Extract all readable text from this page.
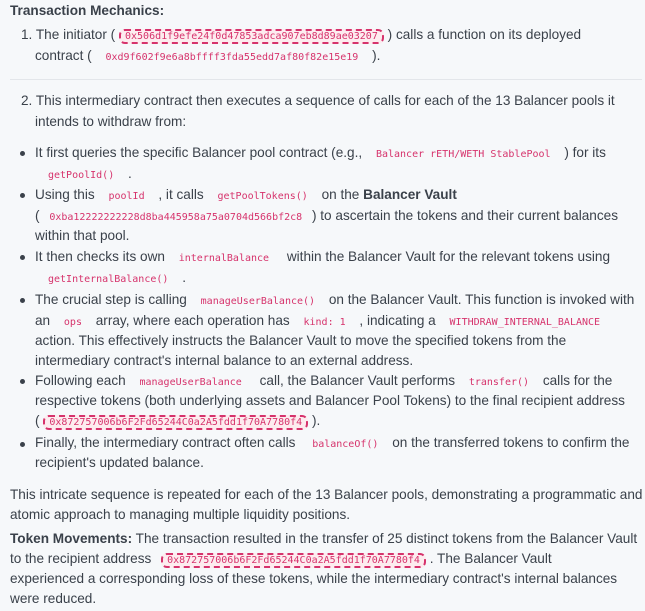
Transaction Mechanics:
1. The initiator ( 0x506d1f9efe24f0d47853adca907eb8d89ae03207 ) calls a function on its deployed
contract ( 0xd9f602f9e6a8bffff3fda55edd7af80f82e15e19 ).
2. This intermediary contract then executes a sequence of calls for each of the 13 Balancer pools it
intends to withdraw from:
It first queries the specific Balancer pool contract (e.g., Balancer rETH/WETH StablePool ) for its
getPoolId() .
Using this poolId , it calls getPoolTokens() on the Balancer Vault
( 0xba12222222228d8ba445958a75a0704d566bf2c8 ) to ascertain the tokens and their current balances
within that pool.
It then checks its own internalBalance within the Balancer Vault for the relevant tokens using
getInternalBalance() .
The crucial step is calling manageUserBalance() on the Balancer Vault. This function is invoked with
an ops array, where each operation has kind: 1 , indicating a WITHDRAW_INTERNAL_BALANCE
action. This effectively instructs the Balancer Vault to move the specified tokens from the
intermediary contract's internal balance to an external address.
Following each manageUserBalance call, the Balancer Vault performs transfer() calls for the
respective tokens (both underlying assets and Balancer Pool Tokens) to the final recipient address
( 0x872757006b6F2Fd65244C0a2A5fdd1f70A7780f4 ).
Finally, the intermediary contract often calls balanceOf() on the transferred tokens to confirm the
recipient's updated balance.
This intricate sequence is repeated for each of the 13 Balancer pools, demonstrating a programmatic and
atomic approach to managing multiple liquidity positions.
Token Movements: The transaction resulted in the transfer of 25 distinct tokens from the Balancer Vault
to the recipient address 0x872757006b6F2Fd65244C0a2A5fdd1f70A7780f4 . The Balancer Vault
experienced a corresponding loss of these tokens, while the intermediary contract's internal balances
were reduced.
